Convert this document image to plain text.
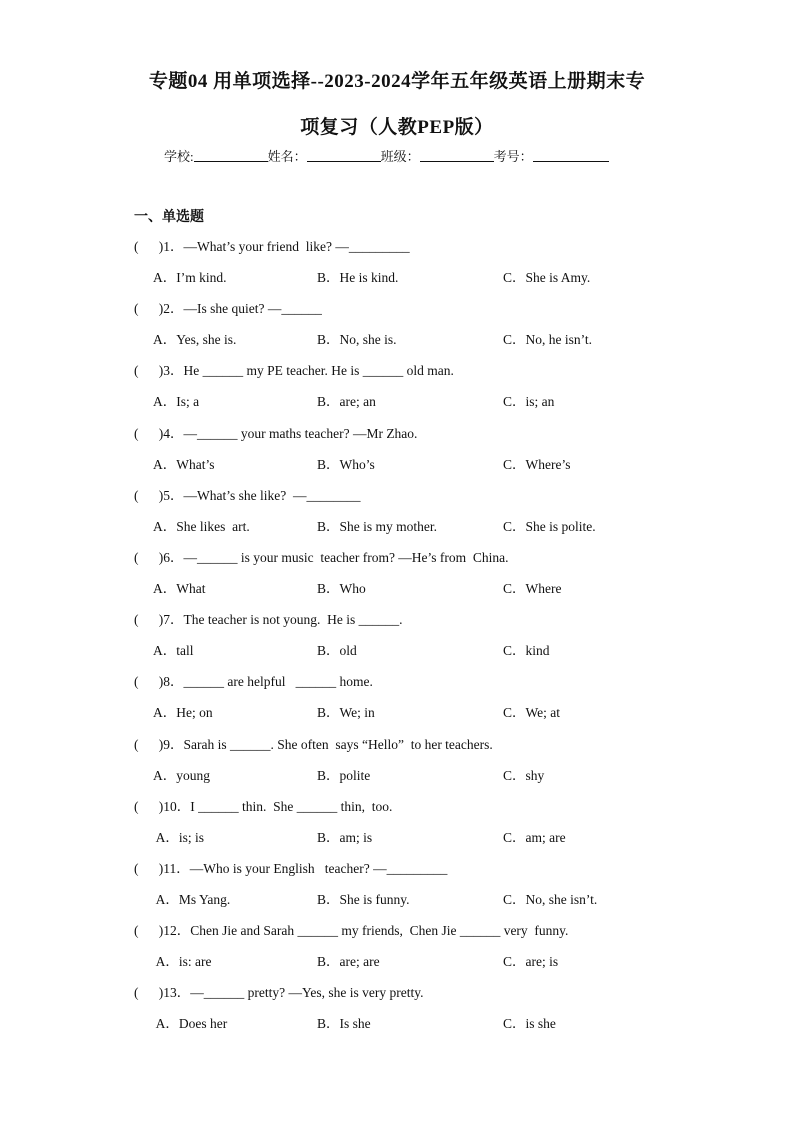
专题04 用单项选择--2023-2024学年五年级英语上册期末专
项复习（人教PEP版）
学校:	姓名：	班级：	考号：
一、单选题
(      )1．—What’s your friend  like? —_________
A．I’m kind.	B．He is kind.	C．She is Amy.
(      )2．—Is she quiet? —______
A．Yes, she is.	B．No, she is.	C．No, he isn’t.
(      )3．He ______ my PE teacher. He is ______ old man.
A．Is; a	B．are; an	C．is; an
(      )4．—______ your maths teacher? —Mr Zhao.
A．What’s	B．Who’s	C．Where’s
(      )5．—What’s she like?  —________
A．She likes  art.	B．She is my mother.	C．She is polite.
(      )6．—______ is your music  teacher from? —He’s from  China.
A．What	B．Who	C．Where
(      )7．The teacher is not young.  He is ______.
A．tall	B．old	C．kind
(      )8．______ are helpful   ______ home.
A．He; on	B．We; in	C．We; at
(      )9．Sarah is ______. She often  says “Hello”  to her teachers.
A．young	B．polite	C．shy
(      )10．I ______ thin.  She ______ thin,  too.
A．is; is	B．am; is	C．am; are
(      )11．—Who is your English   teacher? —_________
A．Ms Yang.	B．She is funny.	C．No, she isn’t.
(      )12．Chen Jie and Sarah ______ my friends,  Chen Jie ______ very  funny.
A．is: are	B．are; are	C．are; is
(      )13．—______ pretty? —Yes, she is very pretty.
A．Does her	B．Is she	C．is she
